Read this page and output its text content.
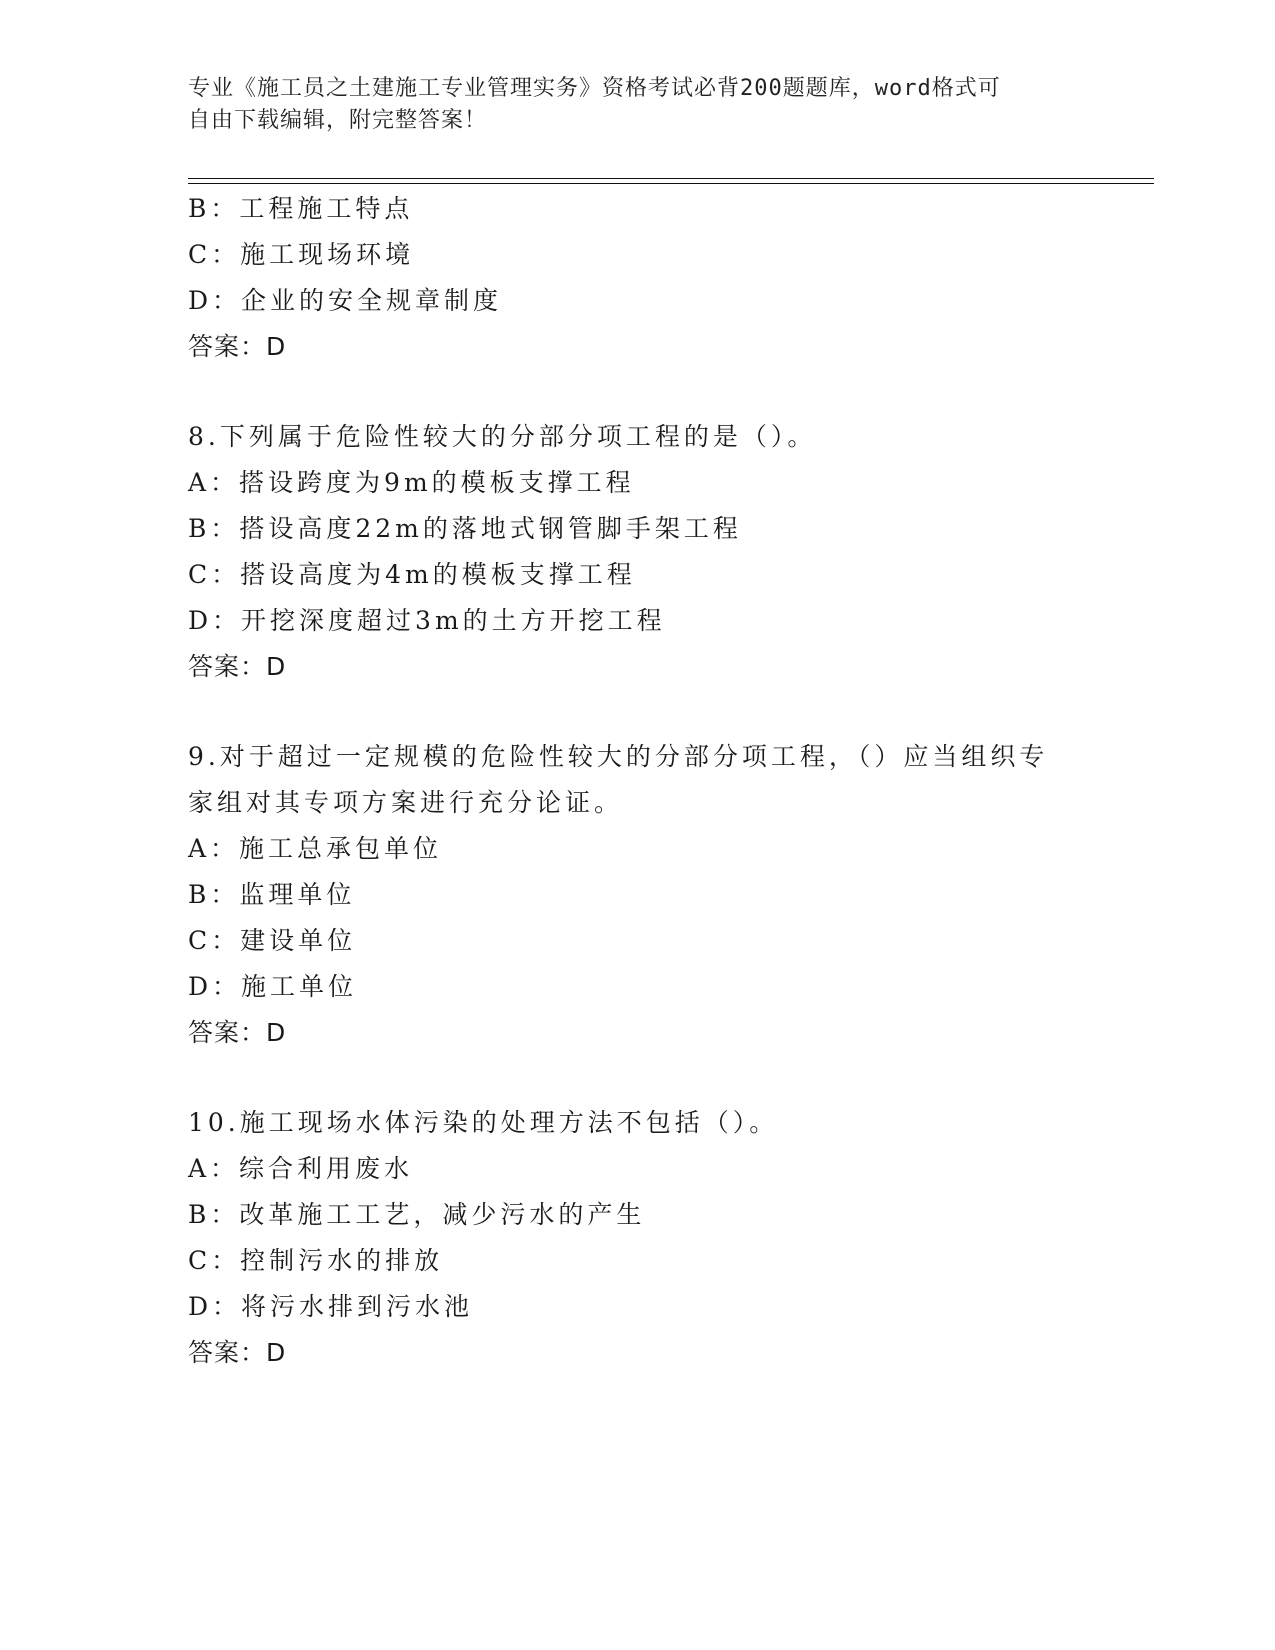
专业《施工员之土建施工专业管理实务》资格考试必背200题题库，word格式可
自由下载编辑，附完整答案！
B：工程施工特点
C：施工现场环境
D：企业的安全规章制度
答案：D
8.下列属于危险性较大的分部分项工程的是（）。
A：搭设跨度为9m的模板支撑工程
B：搭设高度22m的落地式钢管脚手架工程
C：搭设高度为4m的模板支撑工程
D：开挖深度超过3m的土方开挖工程
答案：D
9.对于超过一定规模的危险性较大的分部分项工程，（）应当组织专
家组对其专项方案进行充分论证。
A：施工总承包单位
B：监理单位
C：建设单位
D：施工单位
答案：D
10.施工现场水体污染的处理方法不包括（）。
A：综合利用废水
B：改革施工工艺，减少污水的产生
C：控制污水的排放
D：将污水排到污水池
答案：D
